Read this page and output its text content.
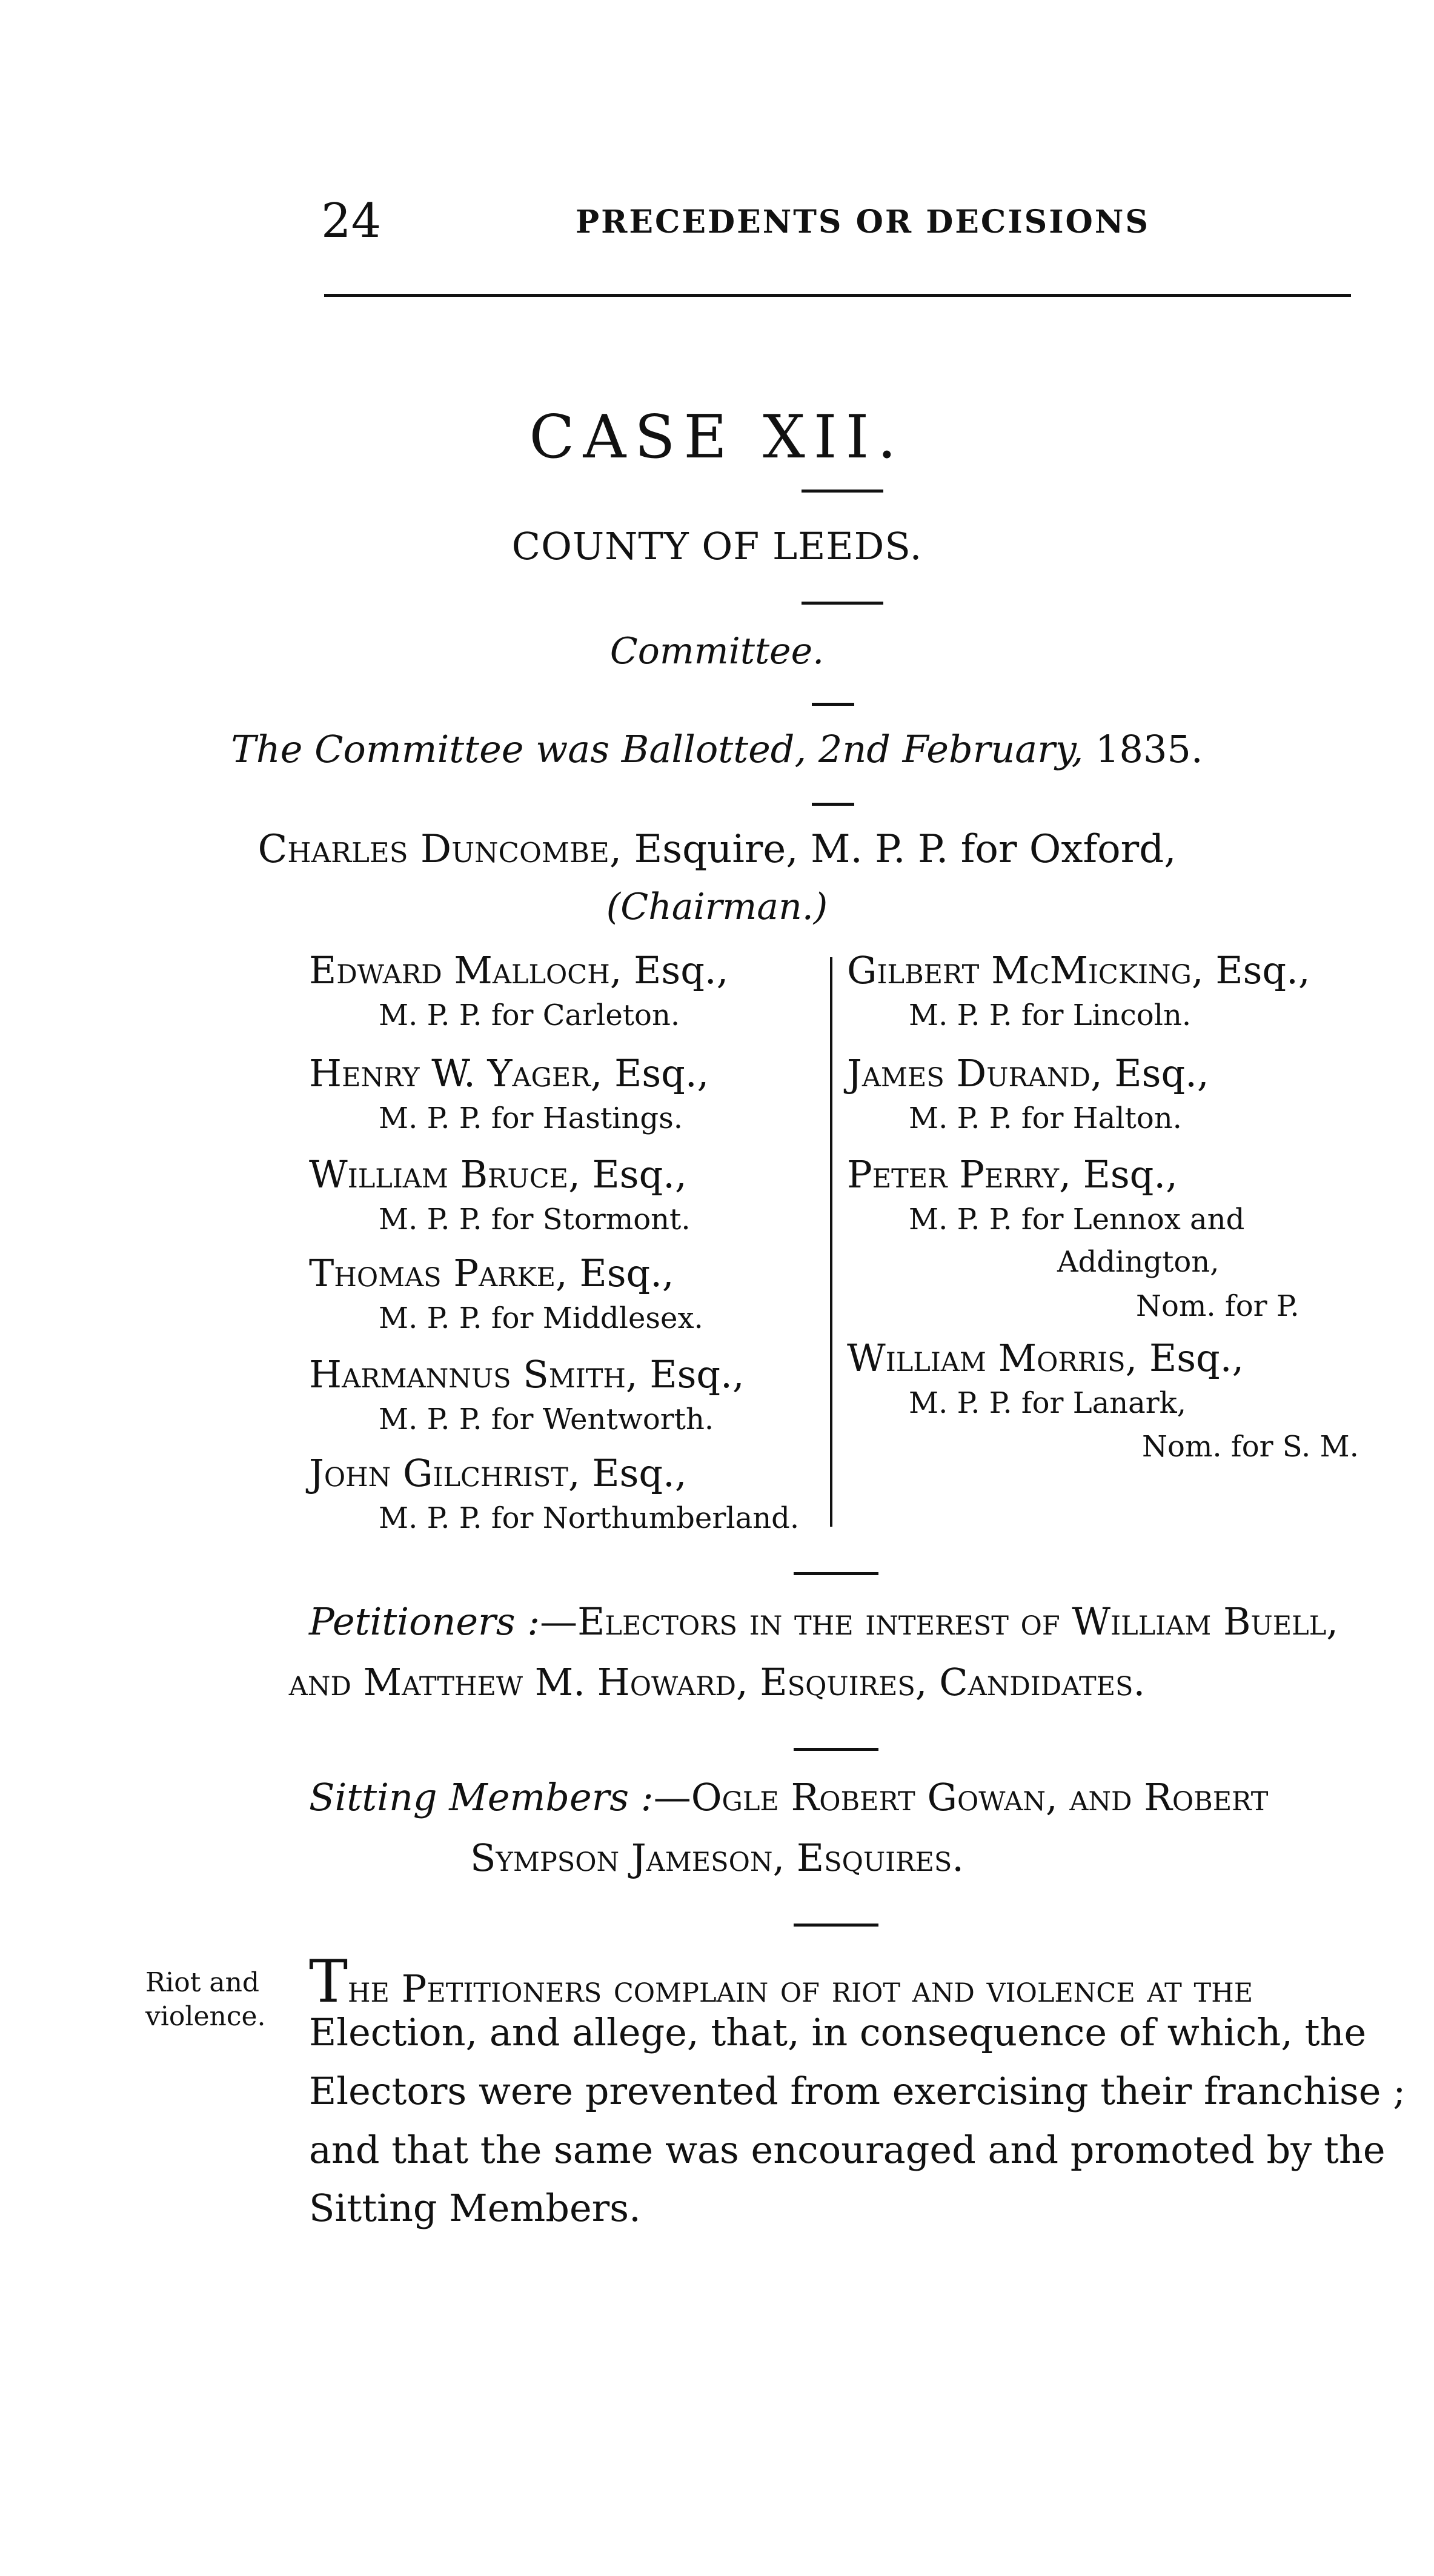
24	PRECEDENTS OR DECISIONS
CASE XII.
COUNTY OF LEEDS.
Committee.
The Committee was Ballotted, 2nd February, 1835.
Charles Duncombe, Esquire, M. P. P. for Oxford,
(Chairman.)
Edward Malloch, Esq.,
M. P. P. for Carleton.
Henry W. Yager, Esq.,
M. P. P. for Hastings.
William Bruce, Esq.,
M. P. P. for Stormont.
Thomas Parke, Esq.,
M. P. P. for Middlesex.
Harmannus Smith, Esq.,
M. P. P. for Wentworth.
John Gilchrist, Esq.,
M. P. P. for Northumberland.
Gilbert McMicking, Esq.,
M. P. P. for Lincoln.
James Durand, Esq.,
M. P. P. for Halton.
Peter Perry, Esq.,
M. P. P. for Lennox and
Addington,
Nom. for P.
William Morris, Esq.,
M. P. P. for Lanark,
Nom. for S. M.
Petitioners :—Electors in the interest of William Buell,
and Matthew M. Howard, Esquires, Candidates.
Sitting Members :—Ogle Robert Gowan, and Robert
Sympson Jameson, Esquires.
Riot and
violence.
The Petitioners complain of riot and violence at the
Election, and allege, that, in consequence of which, the
Electors were prevented from exercising their franchise ;
and that the same was encouraged and promoted by the
Sitting Members.
